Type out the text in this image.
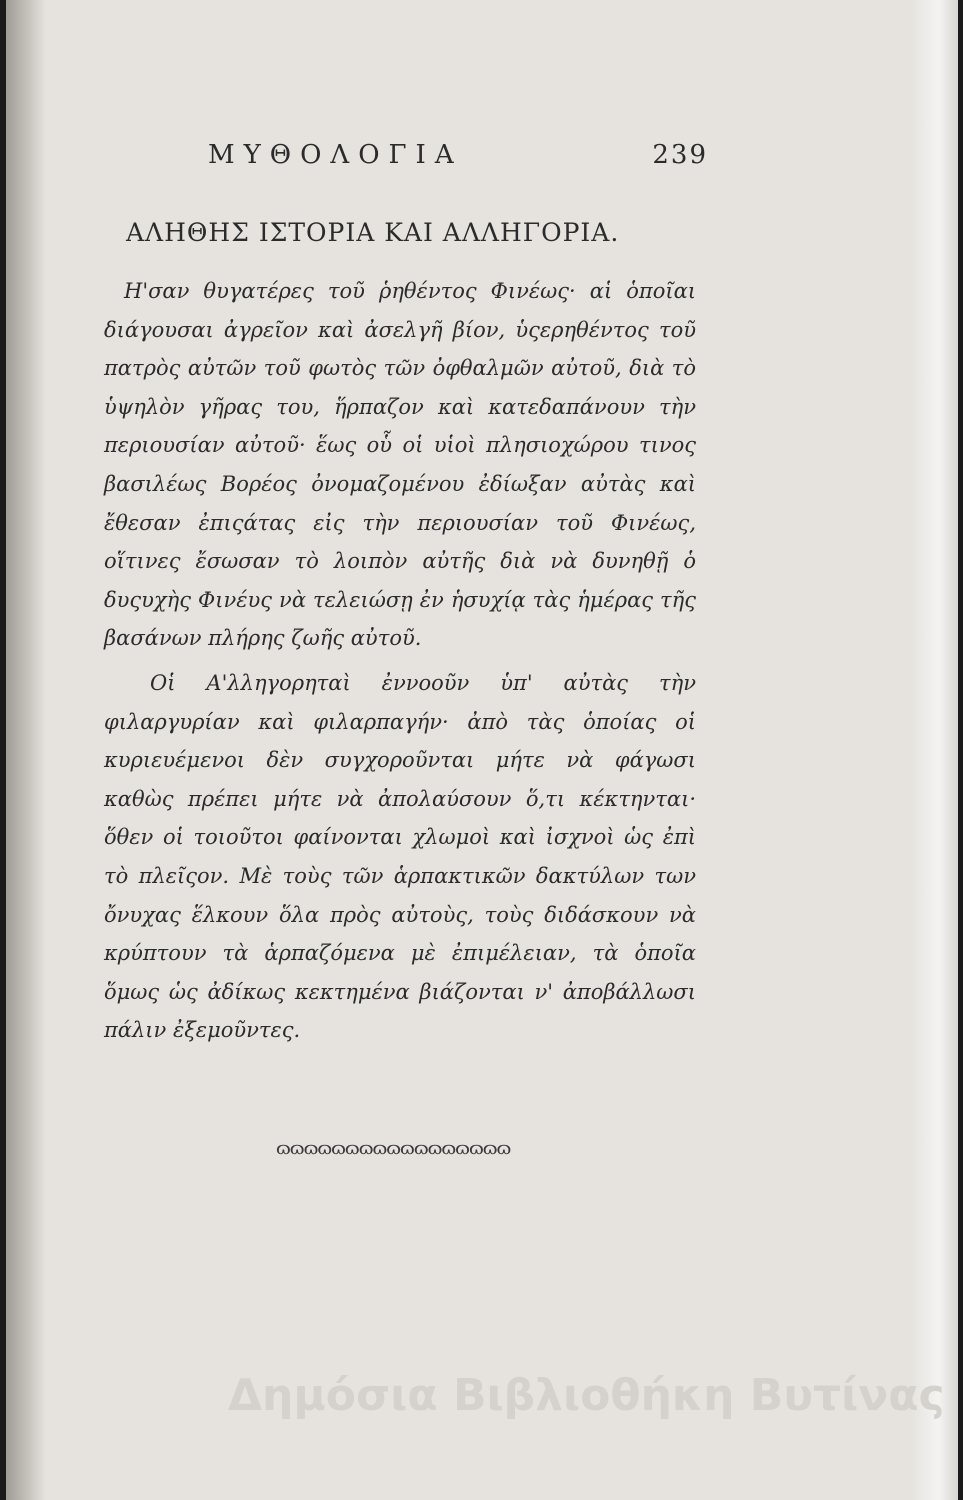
ΜΥΘΟΛΟΓΙΑ	239
ΑΛΗΘΗΣ ΙΣΤΟΡΙΑ ΚΑΙ ΑΛΛΗΓΟΡΙΑ.

Η'σαν θυγατέρες τοῦ ῥηθέντος Φινέως· αἱ ὁποῖαι διάγουσαι ἀγρεῖον καὶ ἀσελγῆ βίον, ὑςερηθέντος τοῦ πατρὸς αὐτῶν τοῦ φωτὸς τῶν ὀφθαλμῶν αὐτοῦ, διὰ τὸ ὑψηλὸν γῆρας του, ἥρπαζον καὶ κατεδαπάνουν τὴν περιουσίαν αὐτοῦ· ἕως οὗ οἱ υἱοὶ πλησιοχώρου τινος βασιλέως Βορέος ὀνομαζομένου ἐδίωξαν αὐτὰς καὶ ἔθεσαν ἐπιςάτας εἰς τὴν περιουσίαν τοῦ Φινέως, οἵτινες ἔσωσαν τὸ λοιπὸν αὐτῆς διὰ νὰ δυνηθῇ ὁ δυςυχὴς Φινέυς νὰ τελειώσῃ ἐν ἡσυχίᾳ τὰς ἡμέρας τῆς βασάνων πλήρης ζωῆς αὐτοῦ.

Οἱ Α'λληγορηταὶ ἐννοοῦν ὑπ' αὐτὰς τὴν φιλαργυρίαν καὶ φιλαρπαγήν· ἀπὸ τὰς ὁποίας οἱ κυριευέμενοι δὲν συγχοροῦνται μήτε νὰ φάγωσι καθὼς πρέπει μήτε νὰ ἀπολαύσουν ὅ,τι κέκτηνται· ὅθεν οἱ τοιοῦτοι φαίνονται χλωμοὶ καὶ ἰσχνοὶ ὡς ἐπὶ τὸ πλεῖςον. Μὲ τοὺς τῶν ἁρπακτικῶν δακτύλων των ὄνυχας ἕλκουν ὅλα πρὸς αὐτοὺς, τοὺς διδάσκουν νὰ κρύπτουν τὰ ἁρπαζόμενα μὲ ἐπιμέλειαν, τὰ ὁποῖα ὅμως ὡς ἀδίκως κεκτημένα βιάζονται ν' ἀποβάλλωσι πάλιν ἐξεμοῦντες.

ɷɷɷɷɷɷɷɷɷɷɷɷɷɷɷɷɷ
Δημόσια Βιβλιοθήκη Βυτίνας
